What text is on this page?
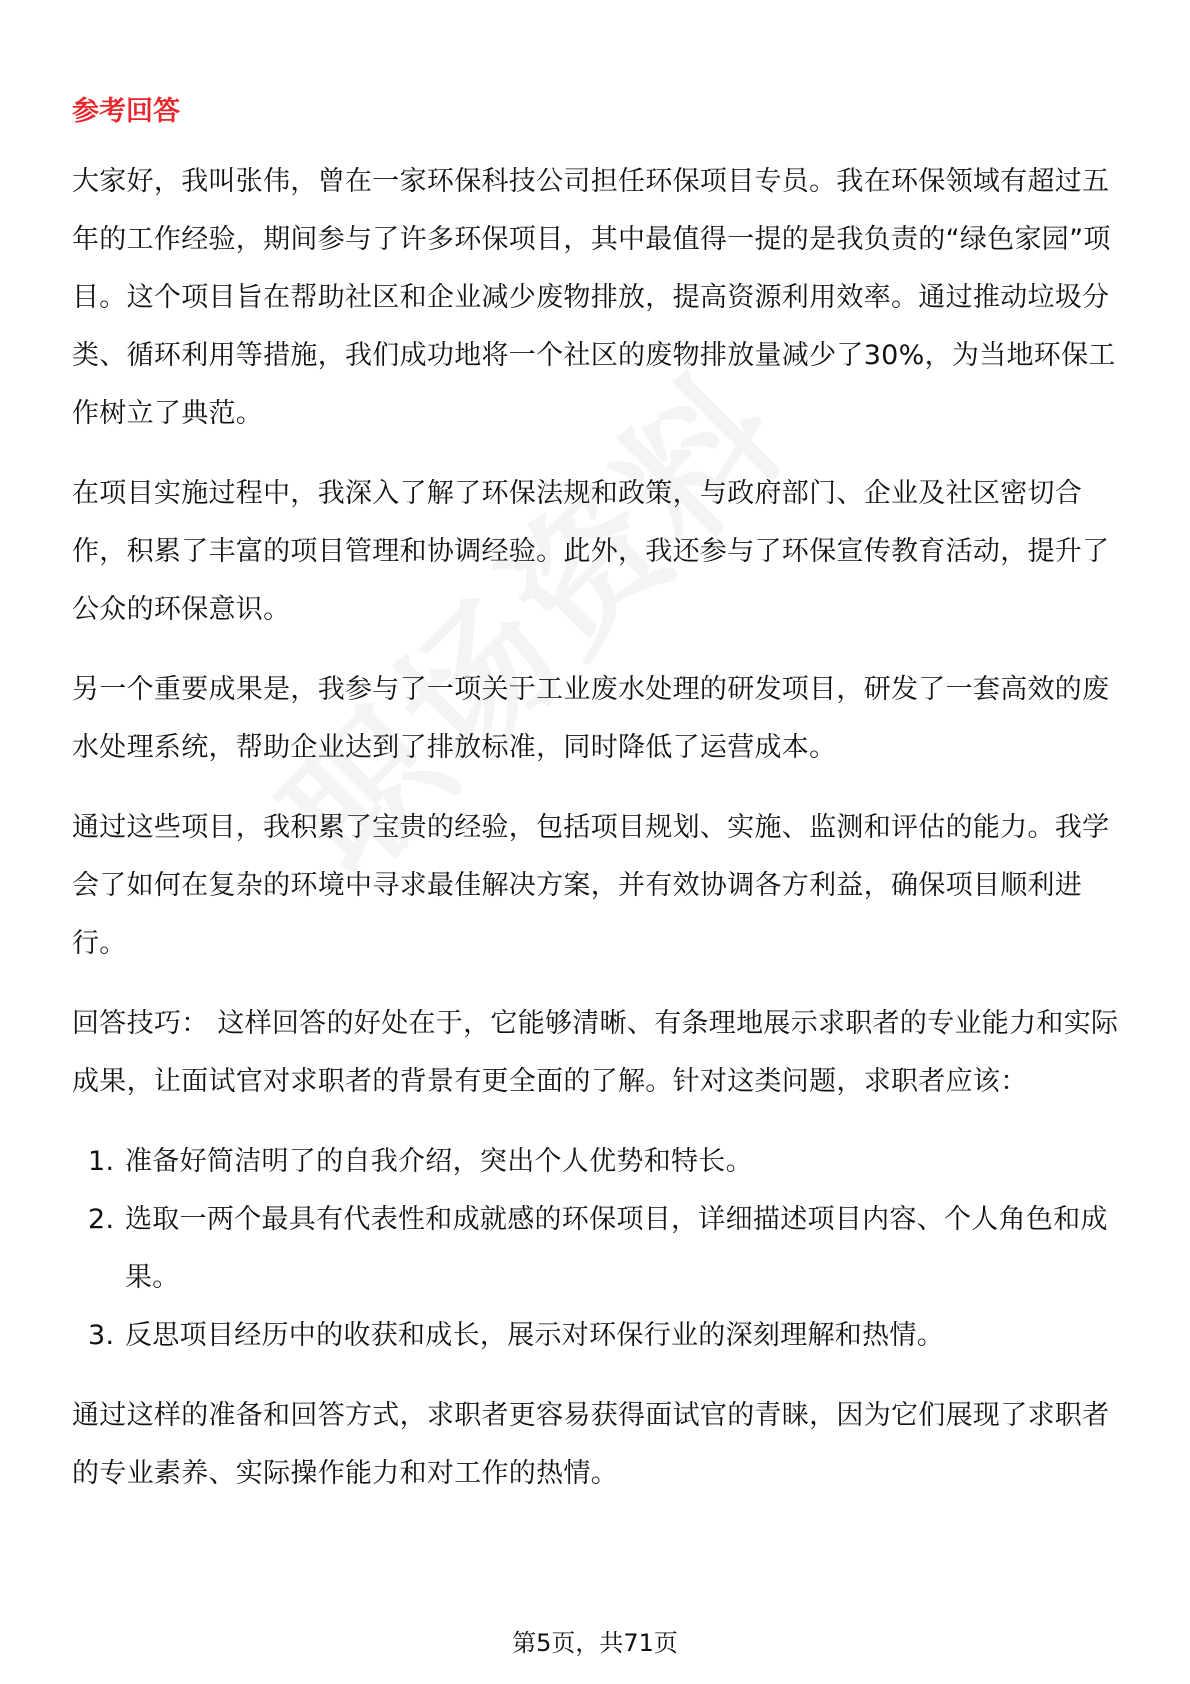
参考回答

大家好，我叫张伟，曾在一家环保科技公司担任环保项目专员。我在环保领域有超过五年的工作经验，期间参与了许多环保项目，其中最值得一提的是我负责的“绿色家园”项目。这个项目旨在帮助社区和企业减少废物排放，提高资源利用效率。通过推动垃圾分类、循环利用等措施，我们成功地将一个社区的废物排放量减少了30%，为当地环保工作树立了典范。

在项目实施过程中，我深入了解了环保法规和政策，与政府部门、企业及社区密切合作，积累了丰富的项目管理和协调经验。此外，我还参与了环保宣传教育活动，提升了公众的环保意识。

另一个重要成果是，我参与了一项关于工业废水处理的研发项目，研发了一套高效的废水处理系统，帮助企业达到了排放标准，同时降低了运营成本。

通过这些项目，我积累了宝贵的经验，包括项目规划、实施、监测和评估的能力。我学会了如何在复杂的环境中寻求最佳解决方案，并有效协调各方利益，确保项目顺利进行。

回答技巧： 这样回答的好处在于，它能够清晰、有条理地展示求职者的专业能力和实际成果，让面试官对求职者的背景有更全面的了解。针对这类问题，求职者应该：

1. 准备好简洁明了的自我介绍，突出个人优势和特长。
2. 选取一两个最具有代表性和成就感的环保项目，详细描述项目内容、个人角色和成果。
3. 反思项目经历中的收获和成长，展示对环保行业的深刻理解和热情。

通过这样的准备和回答方式，求职者更容易获得面试官的青睐，因为它们展现了求职者的专业素养、实际操作能力和对工作的热情。

第5页，共71页
